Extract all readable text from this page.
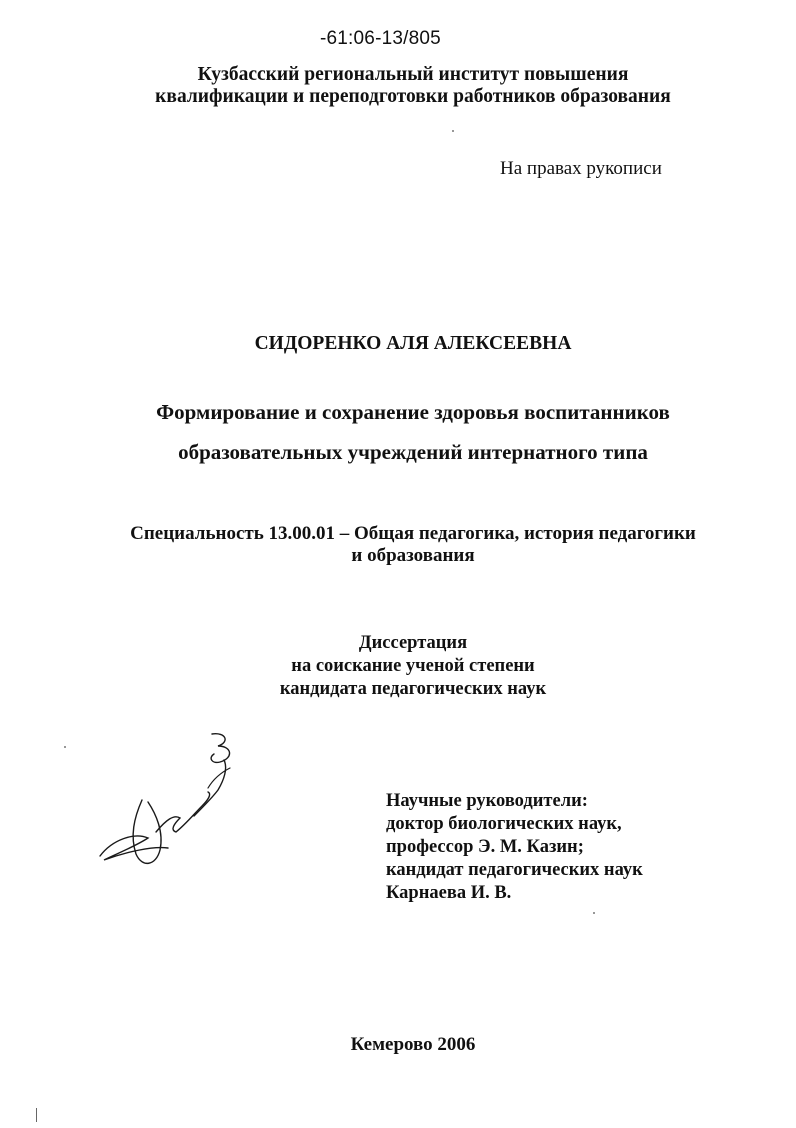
-61:06-13/805
Кузбасский региональный институт повышения
квалификации и переподготовки работников образования
На правах рукописи
СИДОРЕНКО АЛЯ АЛЕКСЕЕВНА
Формирование и сохранение здоровья воспитанников
образовательных учреждений интернатного типа
Специальность 13.00.01 – Общая педагогика, история педагогики
и образования
Диссертация
на соискание ученой степени
кандидата педагогических наук
Научные руководители:
доктор биологических наук,
профессор Э. М. Казин;
кандидат педагогических наук
Карнаева И. В.
Кемерово 2006
